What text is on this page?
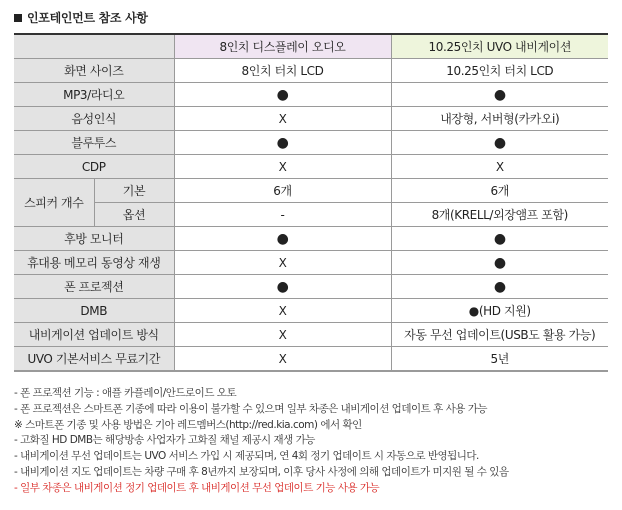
인포테인먼트 참조 사항
		8인치 디스플레이 오디오	10.25인치 UVO 내비게이션
화면 사이즈		8인치 터치 LCD	10.25인치 터치 LCD
MP3/라디오		●	●
음성인식		X	내장형, 서버형(카카오i)
블루투스		●	●
CDP		X	X
스피커 개수	기본	6개	6개
	옵션	-	8개(KRELL/외장앰프 포함)
후방 모니터		●	●
휴대용 메모리 동영상 재생		X	●
폰 프로젝션		●	●
DMB		X	●(HD 지원)
내비게이션 업데이트 방식		X	자동 무선 업데이트(USB도 활용 가능)
UVO 기본서비스 무료기간		X	5년
- 폰 프로젝션 기능 : 애플 카플레이/안드로이드 오토
- 폰 프로젝션은 스마트폰 기종에 따라 이용이 불가할 수 있으며 일부 차종은 내비게이션 업데이트 후 사용 가능
※ 스마트폰 기종 및 사용 방법은 기아 레드멤버스(http://red.kia.com) 에서 확인
- 고화질 HD DMB는 해당방송 사업자가 고화질 채널 제공시 재생 가능
- 내비게이션 무선 업데이트는 UVO 서비스 가입 시 제공되며, 연 4회 정기 업데이트 시 자동으로 반영됩니다.
- 내비게이션 지도 업데이트는 차량 구매 후 8년까지 보장되며, 이후 당사 사정에 의해 업데이트가 미지원 될 수 있음
- 일부 차종은 내비게이션 정기 업데이트 후 내비게이션 무선 업데이트 기능 사용 가능
